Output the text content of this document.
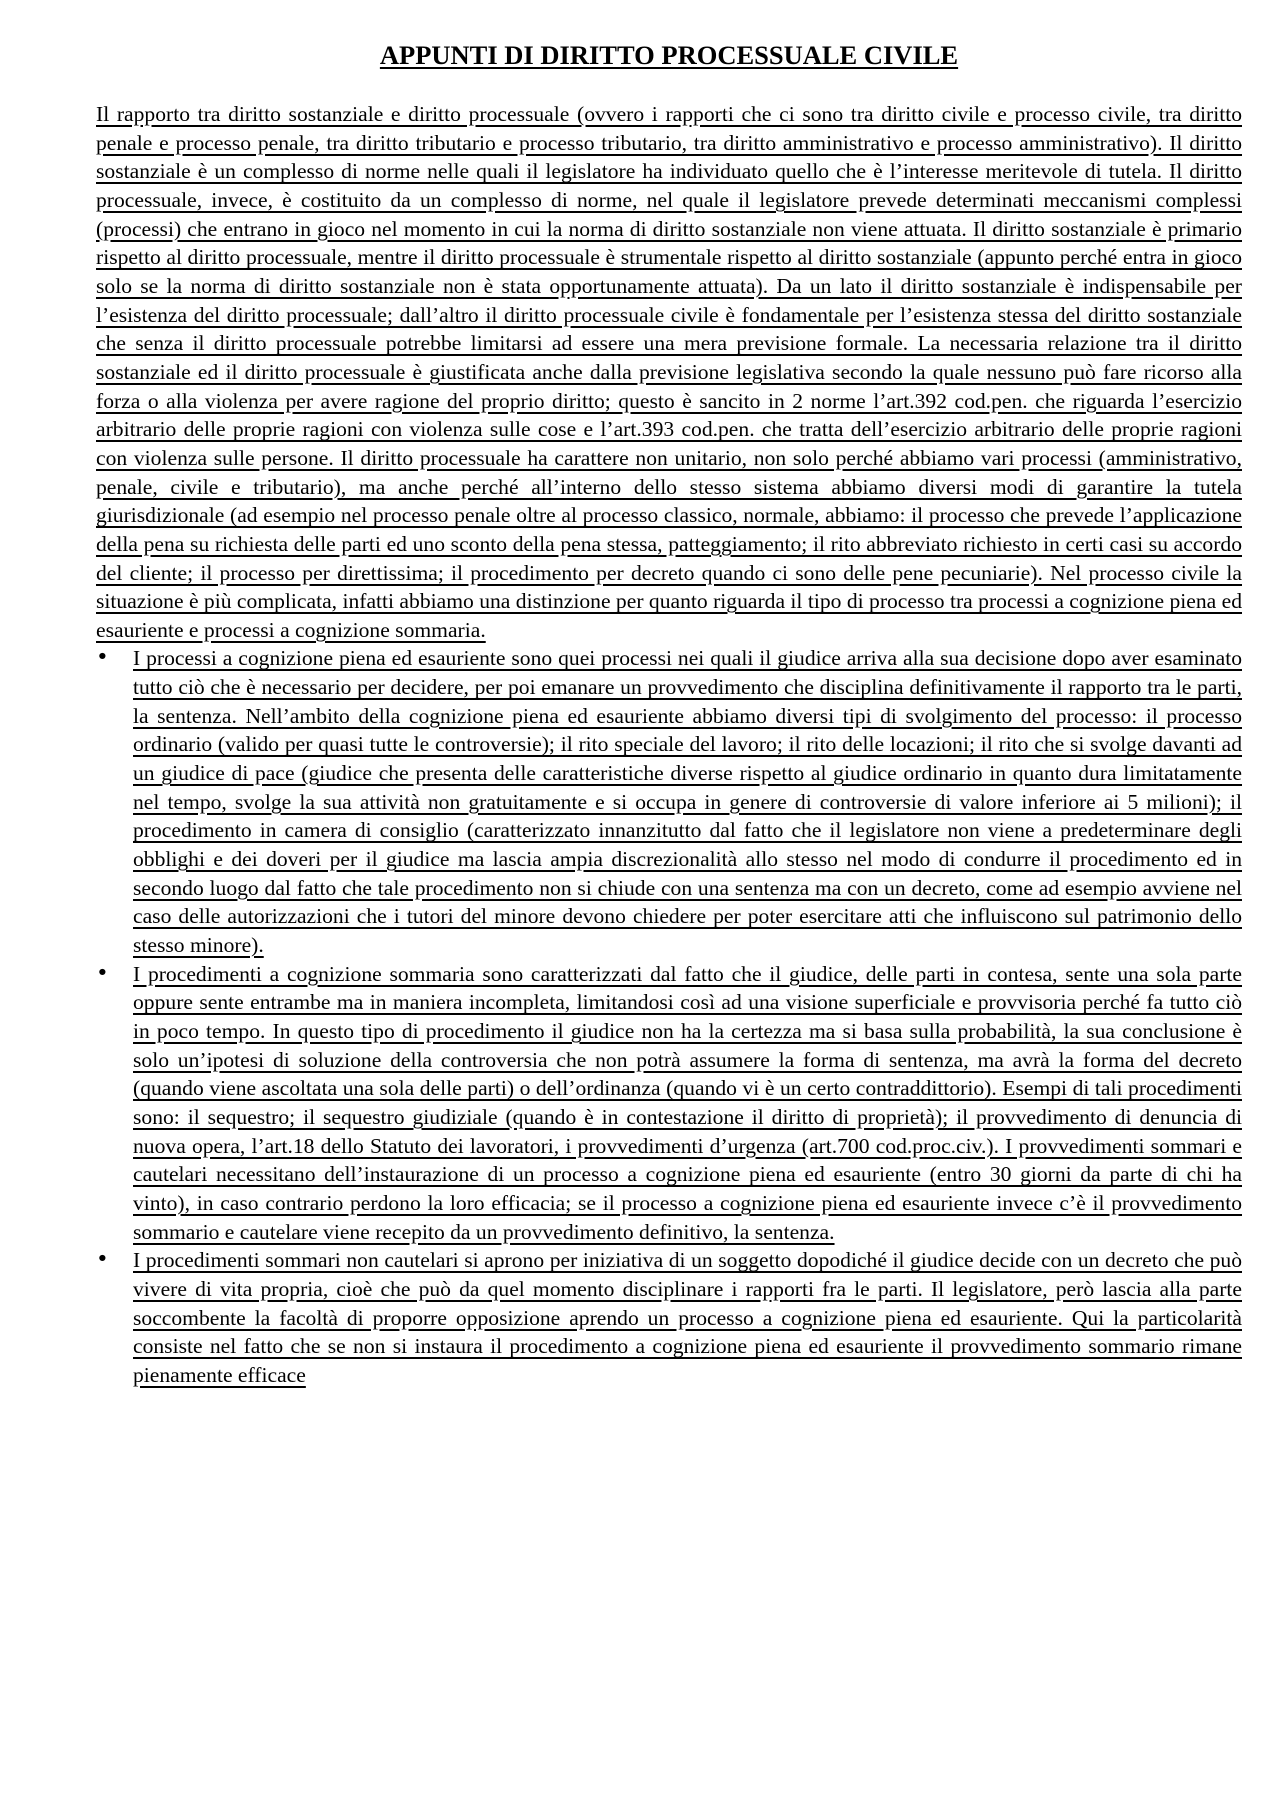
APPUNTI DI DIRITTO PROCESSUALE CIVILE

Il rapporto tra diritto sostanziale e diritto processuale (ovvero i rapporti che ci sono tra diritto civile e processo civile, tra diritto penale e processo penale, tra diritto tributario e processo tributario, tra diritto amministrativo e processo amministrativo). Il diritto sostanziale è un complesso di norme nelle quali il legislatore ha individuato quello che è l’interesse meritevole di tutela. Il diritto processuale, invece, è costituito da un complesso di norme, nel quale il legislatore prevede determinati meccanismi complessi (processi) che entrano in gioco nel momento in cui la norma di diritto sostanziale non viene attuata. Il diritto sostanziale è primario rispetto al diritto processuale, mentre il diritto processuale è strumentale rispetto al diritto sostanziale (appunto perché entra in gioco solo se la norma di diritto sostanziale non è stata opportunamente attuata). Da un lato il diritto sostanziale è indispensabile per l’esistenza del diritto processuale; dall’altro il diritto processuale civile è fondamentale per l’esistenza stessa del diritto sostanziale che senza il diritto processuale potrebbe limitarsi ad essere una mera previsione formale. La necessaria relazione tra il diritto sostanziale ed il diritto processuale è giustificata anche dalla previsione legislativa secondo la quale nessuno può fare ricorso alla forza o alla violenza per avere ragione del proprio diritto; questo è sancito in 2 norme l’art.392 cod.pen. che riguarda l’esercizio arbitrario delle proprie ragioni con violenza sulle cose e l’art.393 cod.pen. che tratta dell’esercizio arbitrario delle proprie ragioni con violenza sulle persone. Il diritto processuale ha carattere non unitario, non solo perché abbiamo vari processi (amministrativo, penale, civile e tributario), ma anche perché all’interno dello stesso sistema abbiamo diversi modi di garantire la tutela giurisdizionale (ad esempio nel processo penale oltre al processo classico, normale, abbiamo: il processo che prevede l’applicazione della pena su richiesta delle parti ed uno sconto della pena stessa, patteggiamento; il rito abbreviato richiesto in certi casi su accordo del cliente; il processo per direttissima; il procedimento per decreto quando ci sono delle pene pecuniarie). Nel processo civile la situazione è più complicata, infatti abbiamo una distinzione per quanto riguarda il tipo di processo tra processi a cognizione piena ed esauriente e processi a cognizione sommaria.

• I processi a cognizione piena ed esauriente sono quei processi nei quali il giudice arriva alla sua decisione dopo aver esaminato tutto ciò che è necessario per decidere, per poi emanare un provvedimento che disciplina definitivamente il rapporto tra le parti, la sentenza. Nell’ambito della cognizione piena ed esauriente abbiamo diversi tipi di svolgimento del processo: il processo ordinario (valido per quasi tutte le controversie); il rito speciale del lavoro; il rito delle locazioni; il rito che si svolge davanti ad un giudice di pace (giudice che presenta delle caratteristiche diverse rispetto al giudice ordinario in quanto dura limitatamente nel tempo, svolge la sua attività non gratuitamente e si occupa in genere di controversie di valore inferiore ai 5 milioni); il procedimento in camera di consiglio (caratterizzato innanzitutto dal fatto che il legislatore non viene a predeterminare degli obblighi e dei doveri per il giudice ma lascia ampia discrezionalità allo stesso nel modo di condurre il procedimento ed in secondo luogo dal fatto che tale procedimento non si chiude con una sentenza ma con un decreto, come ad esempio avviene nel caso delle autorizzazioni che i tutori del minore devono chiedere per poter esercitare atti che influiscono sul patrimonio dello stesso minore).

• I procedimenti a cognizione sommaria sono caratterizzati dal fatto che il giudice, delle parti in contesa, sente una sola parte oppure sente entrambe ma in maniera incompleta, limitandosi così ad una visione superficiale e provvisoria perché fa tutto ciò in poco tempo. In questo tipo di procedimento il giudice non ha la certezza ma si basa sulla probabilità, la sua conclusione è solo un’ipotesi di soluzione della controversia che non potrà assumere la forma di sentenza, ma avrà la forma del decreto (quando viene ascoltata una sola delle parti) o dell’ordinanza (quando vi è un certo contraddittorio). Esempi di tali procedimenti sono: il sequestro; il sequestro giudiziale (quando è in contestazione il diritto di proprietà); il provvedimento di denuncia di nuova opera, l’art.18 dello Statuto dei lavoratori, i provvedimenti d’urgenza (art.700 cod.proc.civ.). I provvedimenti sommari e cautelari necessitano dell’instaurazione di un processo a cognizione piena ed esauriente (entro 30 giorni da parte di chi ha vinto), in caso contrario perdono la loro efficacia; se il processo a cognizione piena ed esauriente invece c’è il provvedimento sommario e cautelare viene recepito da un provvedimento definitivo, la sentenza.

• I procedimenti sommari non cautelari si aprono per iniziativa di un soggetto dopodiché il giudice decide con un decreto che può vivere di vita propria, cioè che può da quel momento disciplinare i rapporti fra le parti. Il legislatore, però lascia alla parte soccombente la facoltà di proporre opposizione aprendo un processo a cognizione piena ed esauriente. Qui la particolarità consiste nel fatto che se non si instaura il procedimento a cognizione piena ed esauriente il provvedimento sommario rimane pienamente efficace
